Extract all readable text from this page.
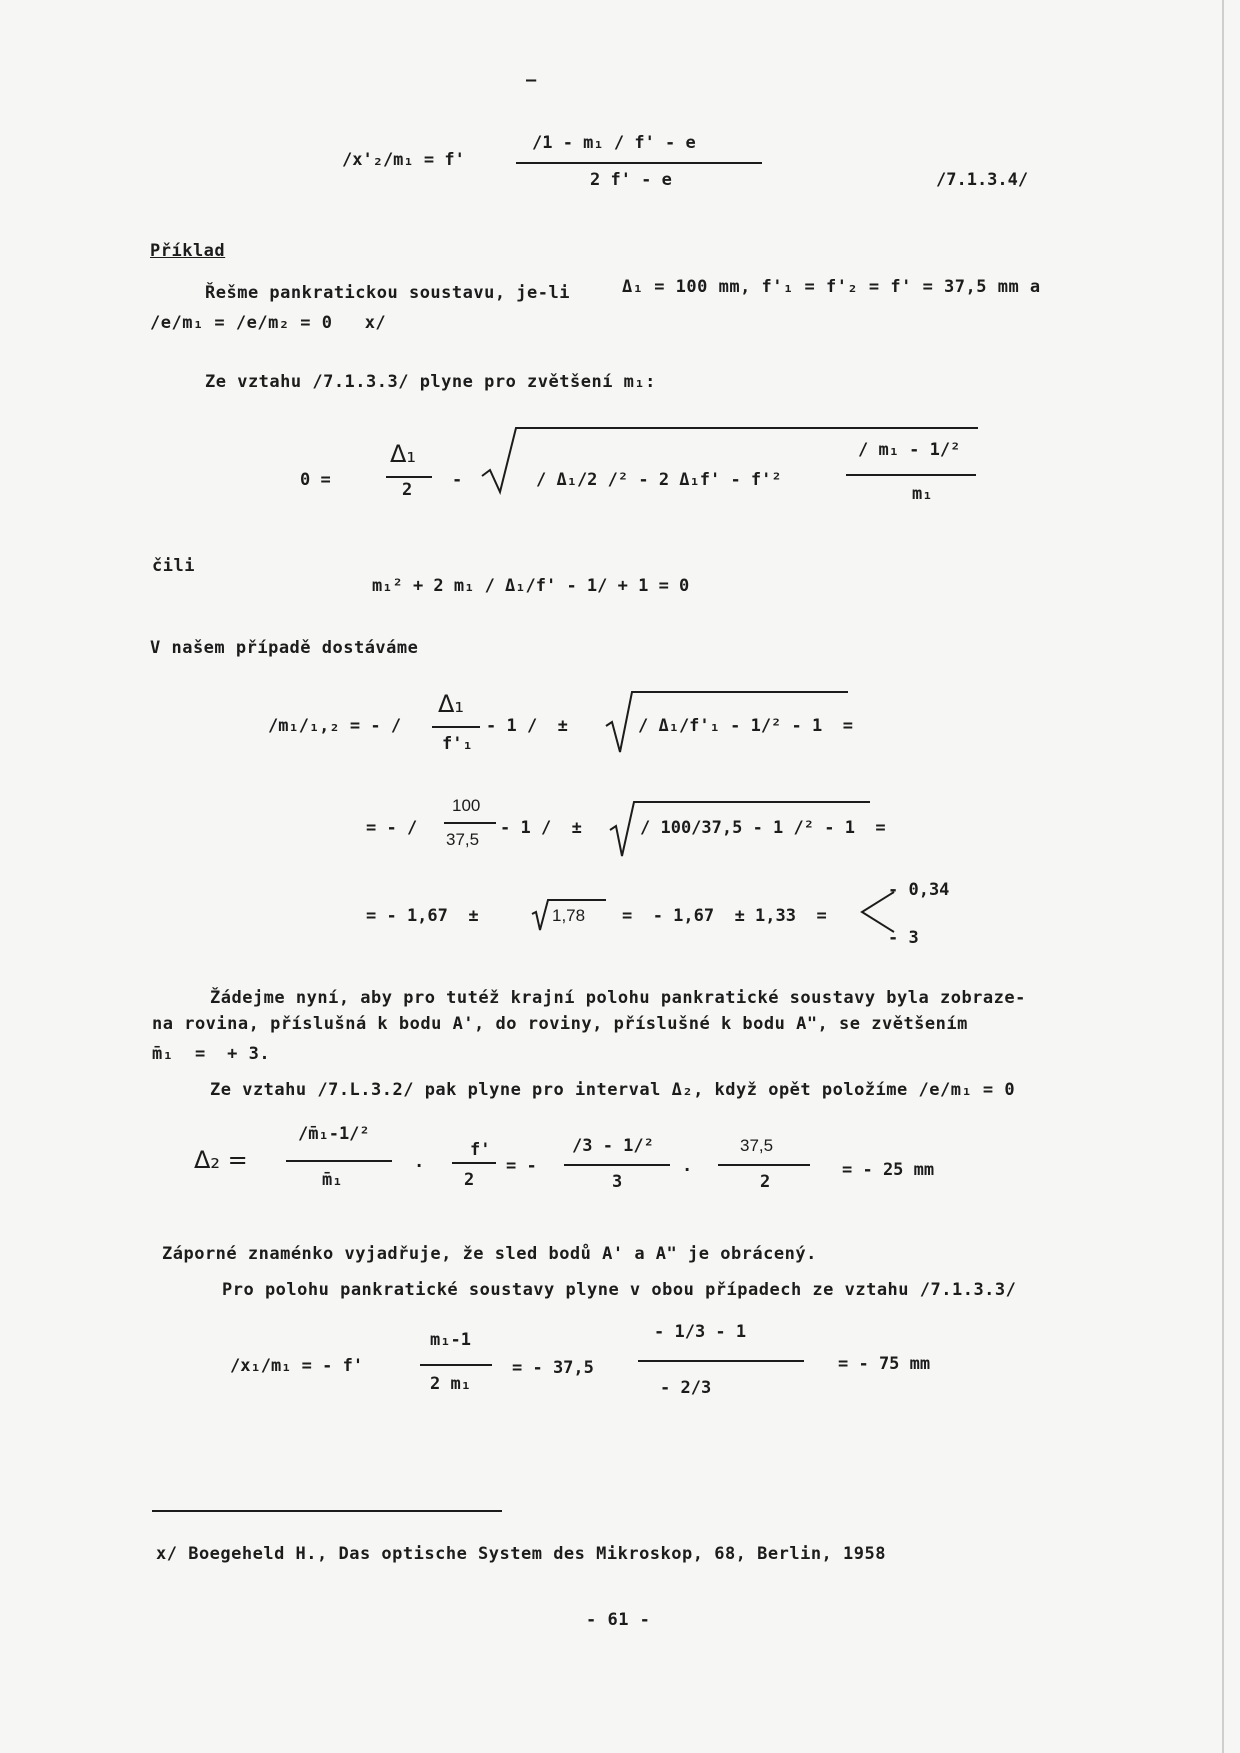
–
/x'₂/m₁ = f'
/1 - m₁ / f' - e
2 f' - e	/7.1.3.4/
Příklad
Řešme pankratickou soustavu, je-li	Δ₁ = 100 mm, f'₁ = f'₂ = f' = 37,5 mm a
/e/m₁ = /e/m₂ = 0   x/
Ze vztahu /7.1.3.3/ plyne pro zvětšení m₁:
0 =
Δ₁
2 -	/ Δ₁/2 /² - 2 Δ₁f' - f'²
/ m₁ - 1/²
m₁
čili
m₁² + 2 m₁ / Δ₁/f' - 1/ + 1 = 0
V našem případě dostáváme
/m₁/₁,₂ = - /
Δ₁
f'₁
- 1 /  ±	/ Δ₁/f'₁ - 1/² - 1  =
= - /
100
37,5
- 1 /  ±	/ 100/37,5 - 1 /² - 1  =
= - 1,67  ±	1,78 =  - 1,67  ± 1,33  =
- 0,34
- 3
Žádejme nyní, aby pro tutéž krajní polohu pankratické soustavy byla zobraze-
na rovina, příslušná k bodu A', do roviny, příslušné k bodu A", se zvětšením
m̄₁  =  + 3.
Ze vztahu /7.L.3.2/ pak plyne pro interval Δ₂, když opět položíme /e/m₁ = 0
Δ₂ =
/m̄₁-1/²
m̄₁
.
f'
2
= -
/3 - 1/²
3
.
37,5
2
= - 25 mm
Záporné znaménko vyjadřuje, že sled bodů A' a A" je obrácený.
Pro polohu pankratické soustavy plyne v obou případech ze vztahu /7.1.3.3/
/x₁/m₁ = - f'
m₁-1
2 m₁
= - 37,5
- 1/3 - 1
- 2/3
= - 75 mm
x/ Boegeheld H., Das optische System des Mikroskop, 68, Berlin, 1958
- 61 -
